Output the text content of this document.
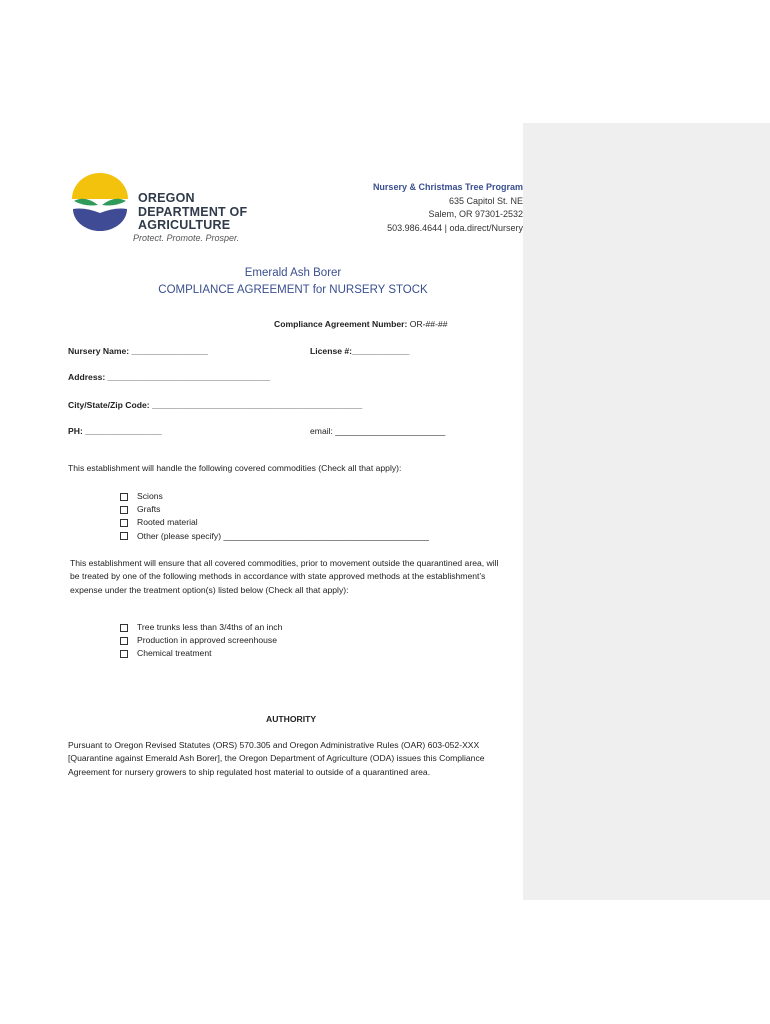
OREGON
DEPARTMENT OF
AGRICULTURE
Protect. Promote. Prosper.
Nursery & Christmas Tree Program
635 Capitol St. NE
Salem, OR 97301-2532
503.986.4644 | oda.direct/Nursery
Emerald Ash Borer
COMPLIANCE AGREEMENT for NURSERY STOCK
Compliance Agreement Number: OR-##-##
Nursery Name: ________________	License #:____________
Address: __________________________________
City/State/Zip Code: ____________________________________________
PH: ________________	email: _______________________
This establishment will handle the following covered commodities (Check all that apply):
Scions
Grafts
Rooted material
Other (please specify) ___________________________________________
This establishment will ensure that all covered commodities, prior to movement outside the quarantined area, will be treated by one of the following methods in accordance with state approved methods at the establishment’s expense under the treatment option(s) listed below (Check all that apply):
Tree trunks less than 3/4ths of an inch
Production in approved screenhouse
Chemical treatment
AUTHORITY
Pursuant to Oregon Revised Statutes (ORS) 570.305 and Oregon Administrative Rules (OAR) 603-052-XXX [Quarantine against Emerald Ash Borer], the Oregon Department of Agriculture (ODA) issues this Compliance Agreement for nursery growers to ship regulated host material to outside of a quarantined area.
